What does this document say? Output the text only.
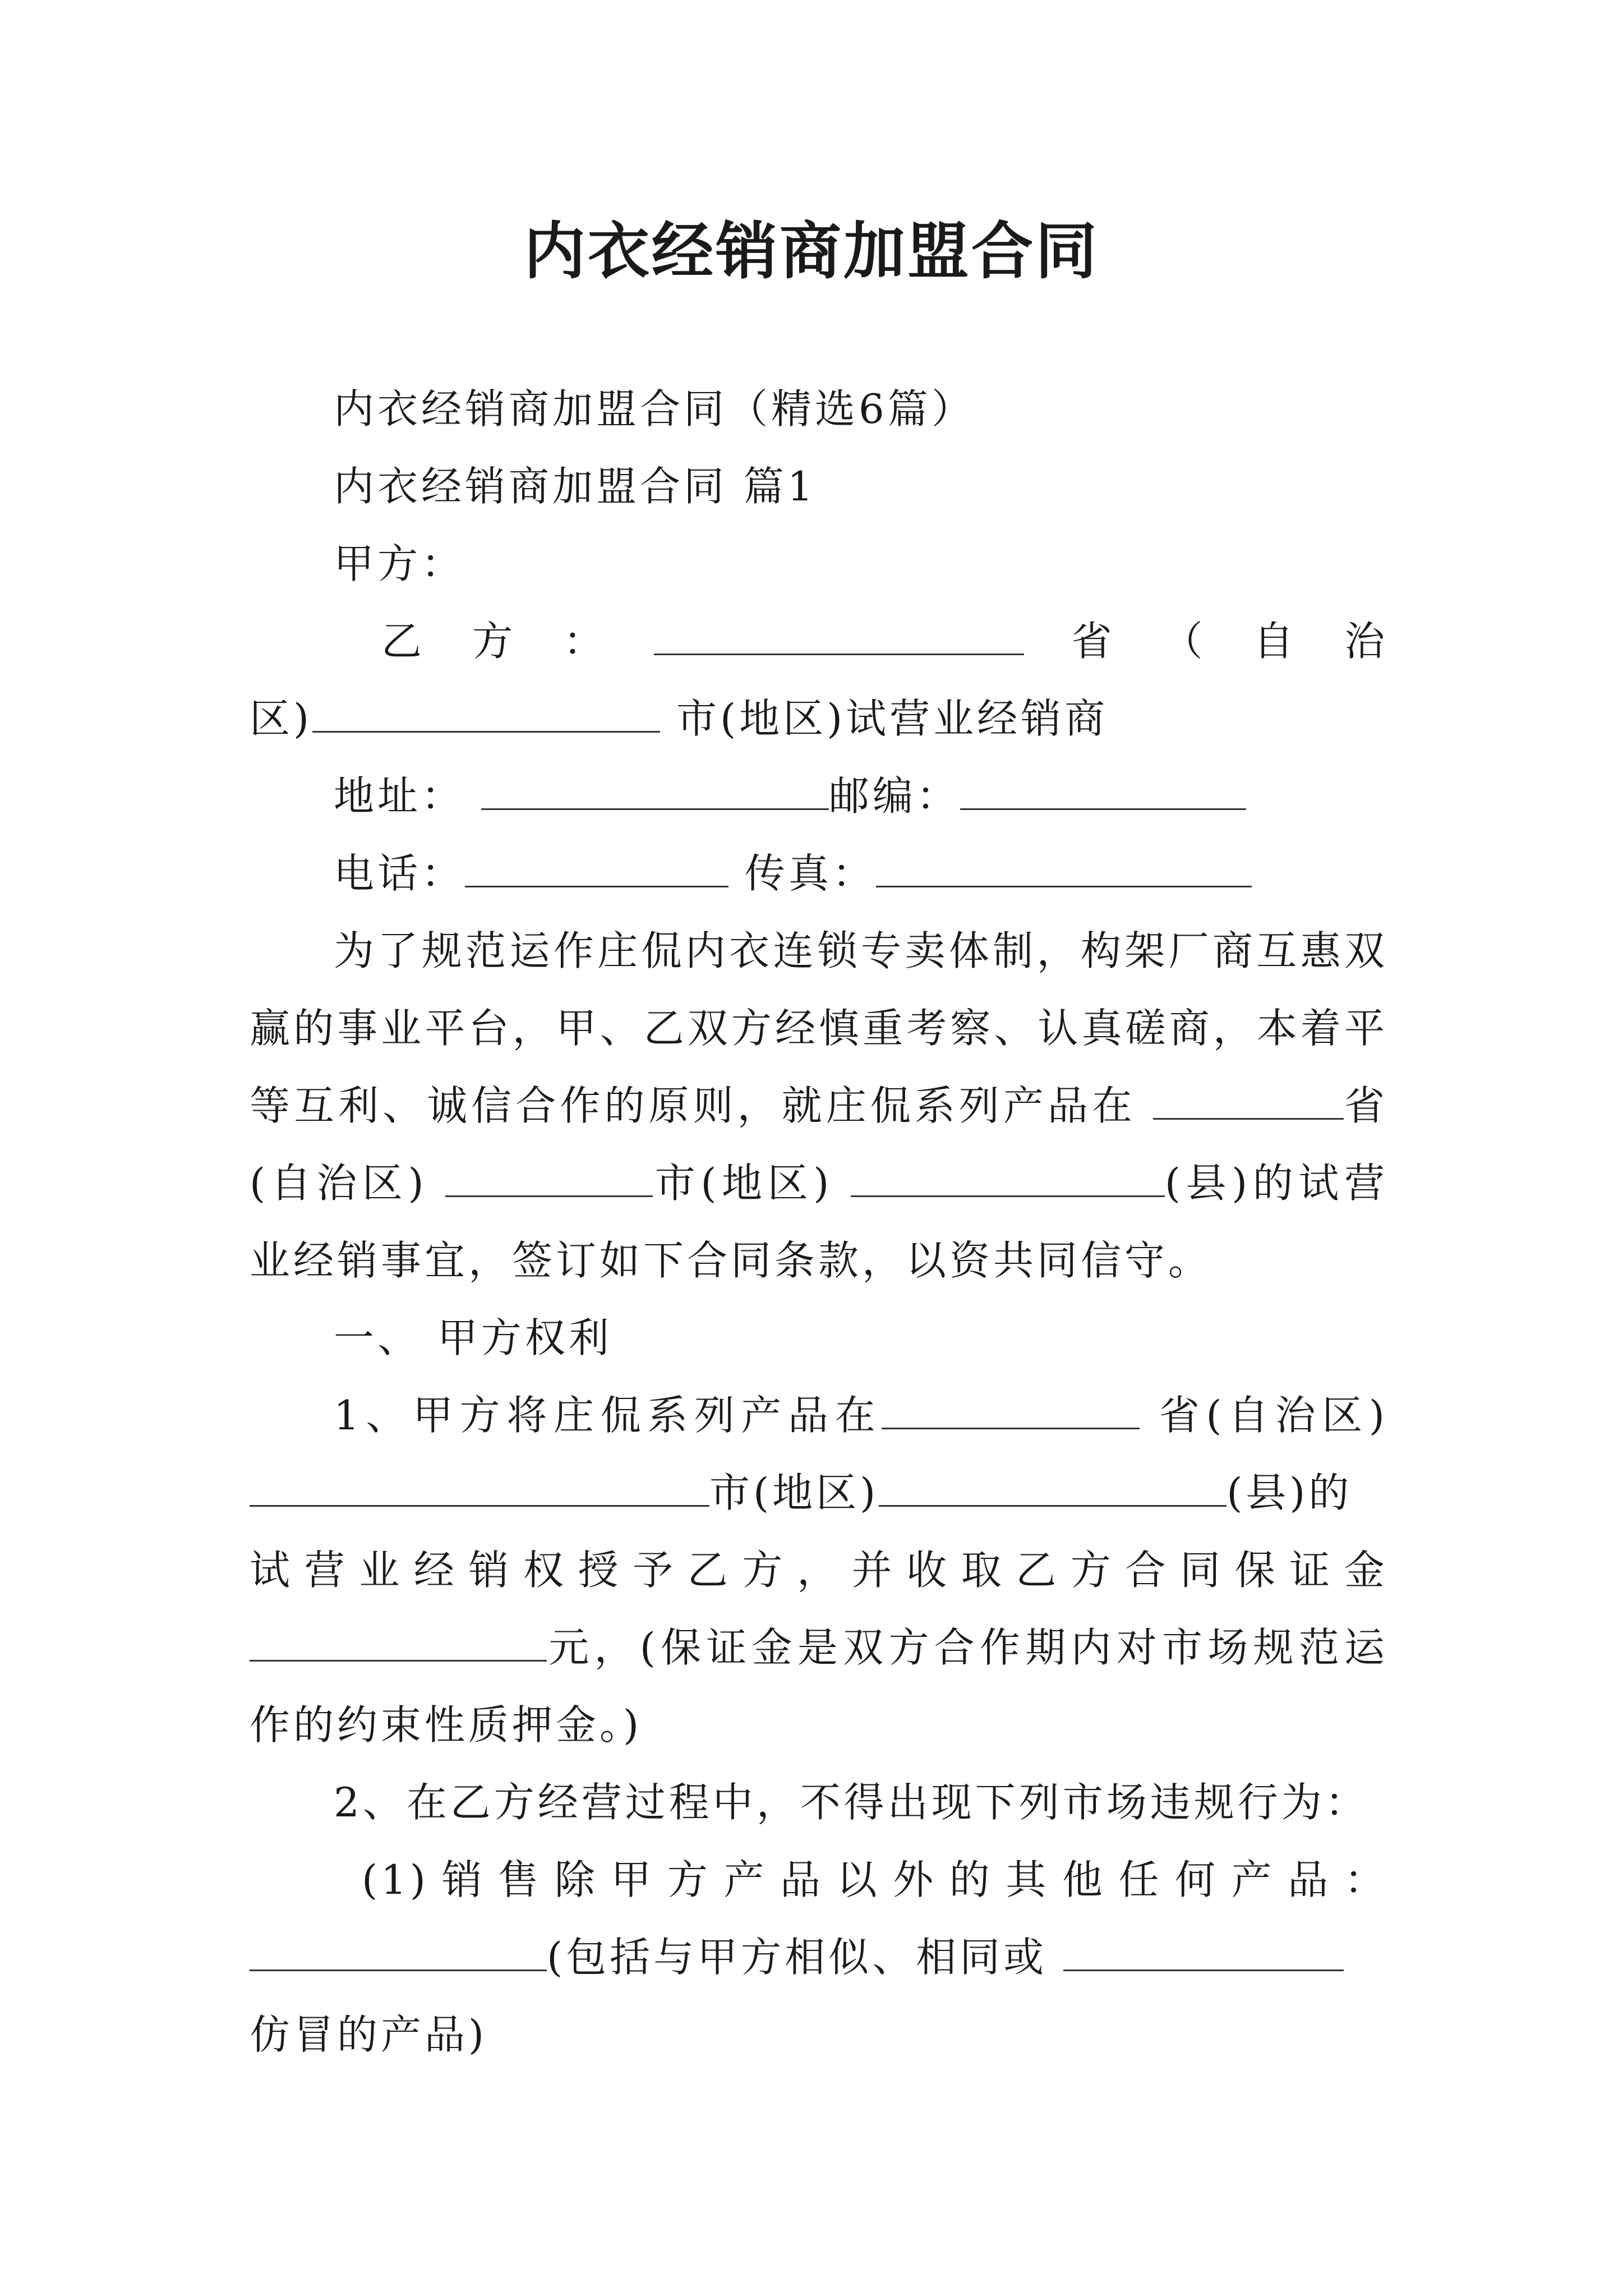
内衣经销商加盟合同

内衣经销商加盟合同（精选6篇）

内衣经销商加盟合同 篇1

甲方：

乙 方 ：	省 （ 自 治

区)	市(地区)试营业经销商

地址：	邮编：

电话：	传真：

为了规范运作庄侃内衣连锁专卖体制，构架厂商互惠双赢的事业平台，甲、乙双方经慎重考察、认真磋商，本着平等互利、诚信合作的原则，就庄侃系列产品在	省(自治区)	市(地区)	(县)的试营业经销事宜，签订如下合同条款，以资共同信守。

一、 甲方权利

1、甲方将庄侃系列产品在	省(自治区)市(地区)	(县)的

试 营 业 经 销 权 授 予 乙 方 ， 并 收 取 乙 方 合 同 保 证 金

元，(保证金是双方合作期内对市场规范运作的约束性质押金。)

2、在乙方经营过程中，不得出现下列市场违规行为：

(1) 销 售 除 甲 方 产 品 以 外 的 其 他 任 何 产 品 ：

(包括与甲方相似、相同或

仿冒的产品)
